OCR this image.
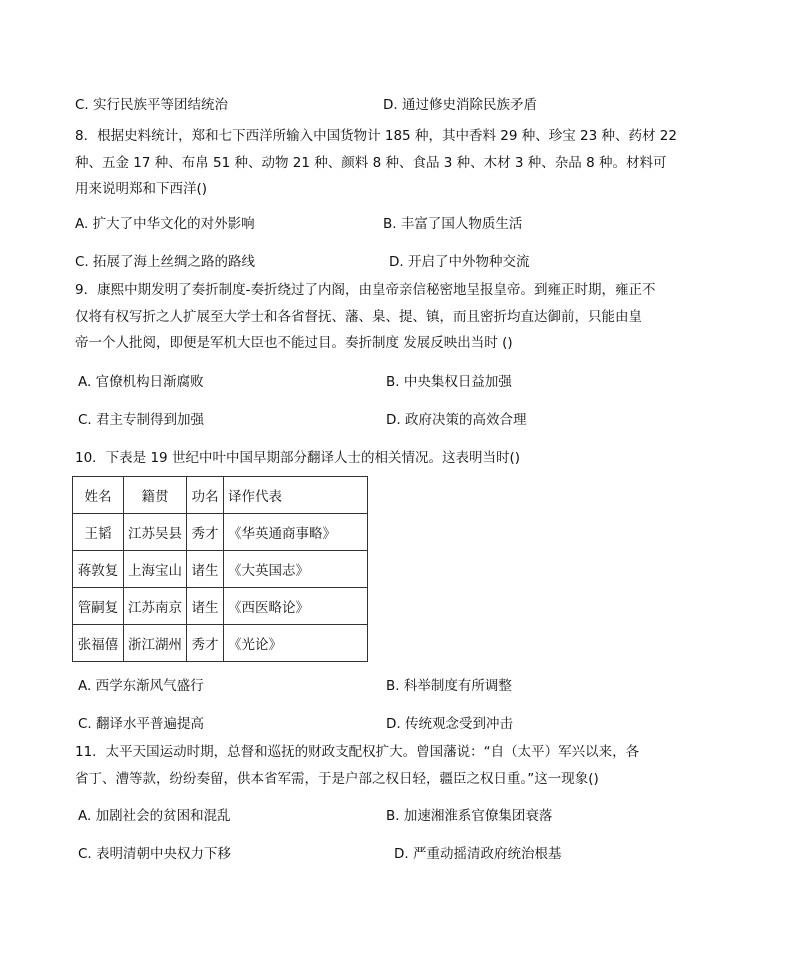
C. 实行民族平等团结统治	D. 通过修史消除民族矛盾
8．根据史料统计，郑和七下西洋所输入中国货物计 185 种，其中香料 29 种、珍宝 23 种、药材 22
种、五金 17 种、布帛 51 种、动物 21 种、颜料 8 种、食品 3 种、木材 3 种、杂品 8 种。材料可
用来说明郑和下西洋()
A. 扩大了中华文化的对外影响	B. 丰富了国人物质生活
C. 拓展了海上丝绸之路的路线	D. 开启了中外物种交流
9．康熙中期发明了奏折制度-奏折绕过了内阁，由皇帝亲信秘密地呈报皇帝。到雍正时期，雍正不
仅将有权写折之人扩展至大学士和各省督抚、藩、臬、提、镇，而且密折均直达御前，只能由皇
帝一个人批阅，即便是军机大臣也不能过目。奏折制度 发展反映出当时 ()
A. 官僚机构日渐腐败	B. 中央集权日益加强
C. 君主专制得到加强	D. 政府决策的高效合理
10．下表是 19 世纪中叶中国早期部分翻译人士的相关情况。这表明当时()
姓名	籍贯	功名	译作代表
王韬	江苏吴县	秀才	《华英通商事略》
蒋敦复	上海宝山	诸生	《大英国志》
管嗣复	江苏南京	诸生	《西医略论》
张福僖	浙江湖州	秀才	《光论》
A. 西学东渐风气盛行	B. 科举制度有所调整
C. 翻译水平普遍提高	D. 传统观念受到冲击
11．太平天国运动时期，总督和巡抚的财政支配权扩大。曾国藩说：“自（太平）军兴以来，各
省丁、漕等款，纷纷奏留，供本省军需，于是户部之权日轻，疆臣之权日重。”这一现象()
A. 加剧社会的贫困和混乱	B. 加速湘淮系官僚集团衰落
C. 表明清朝中央权力下移	D. 严重动摇清政府统治根基
